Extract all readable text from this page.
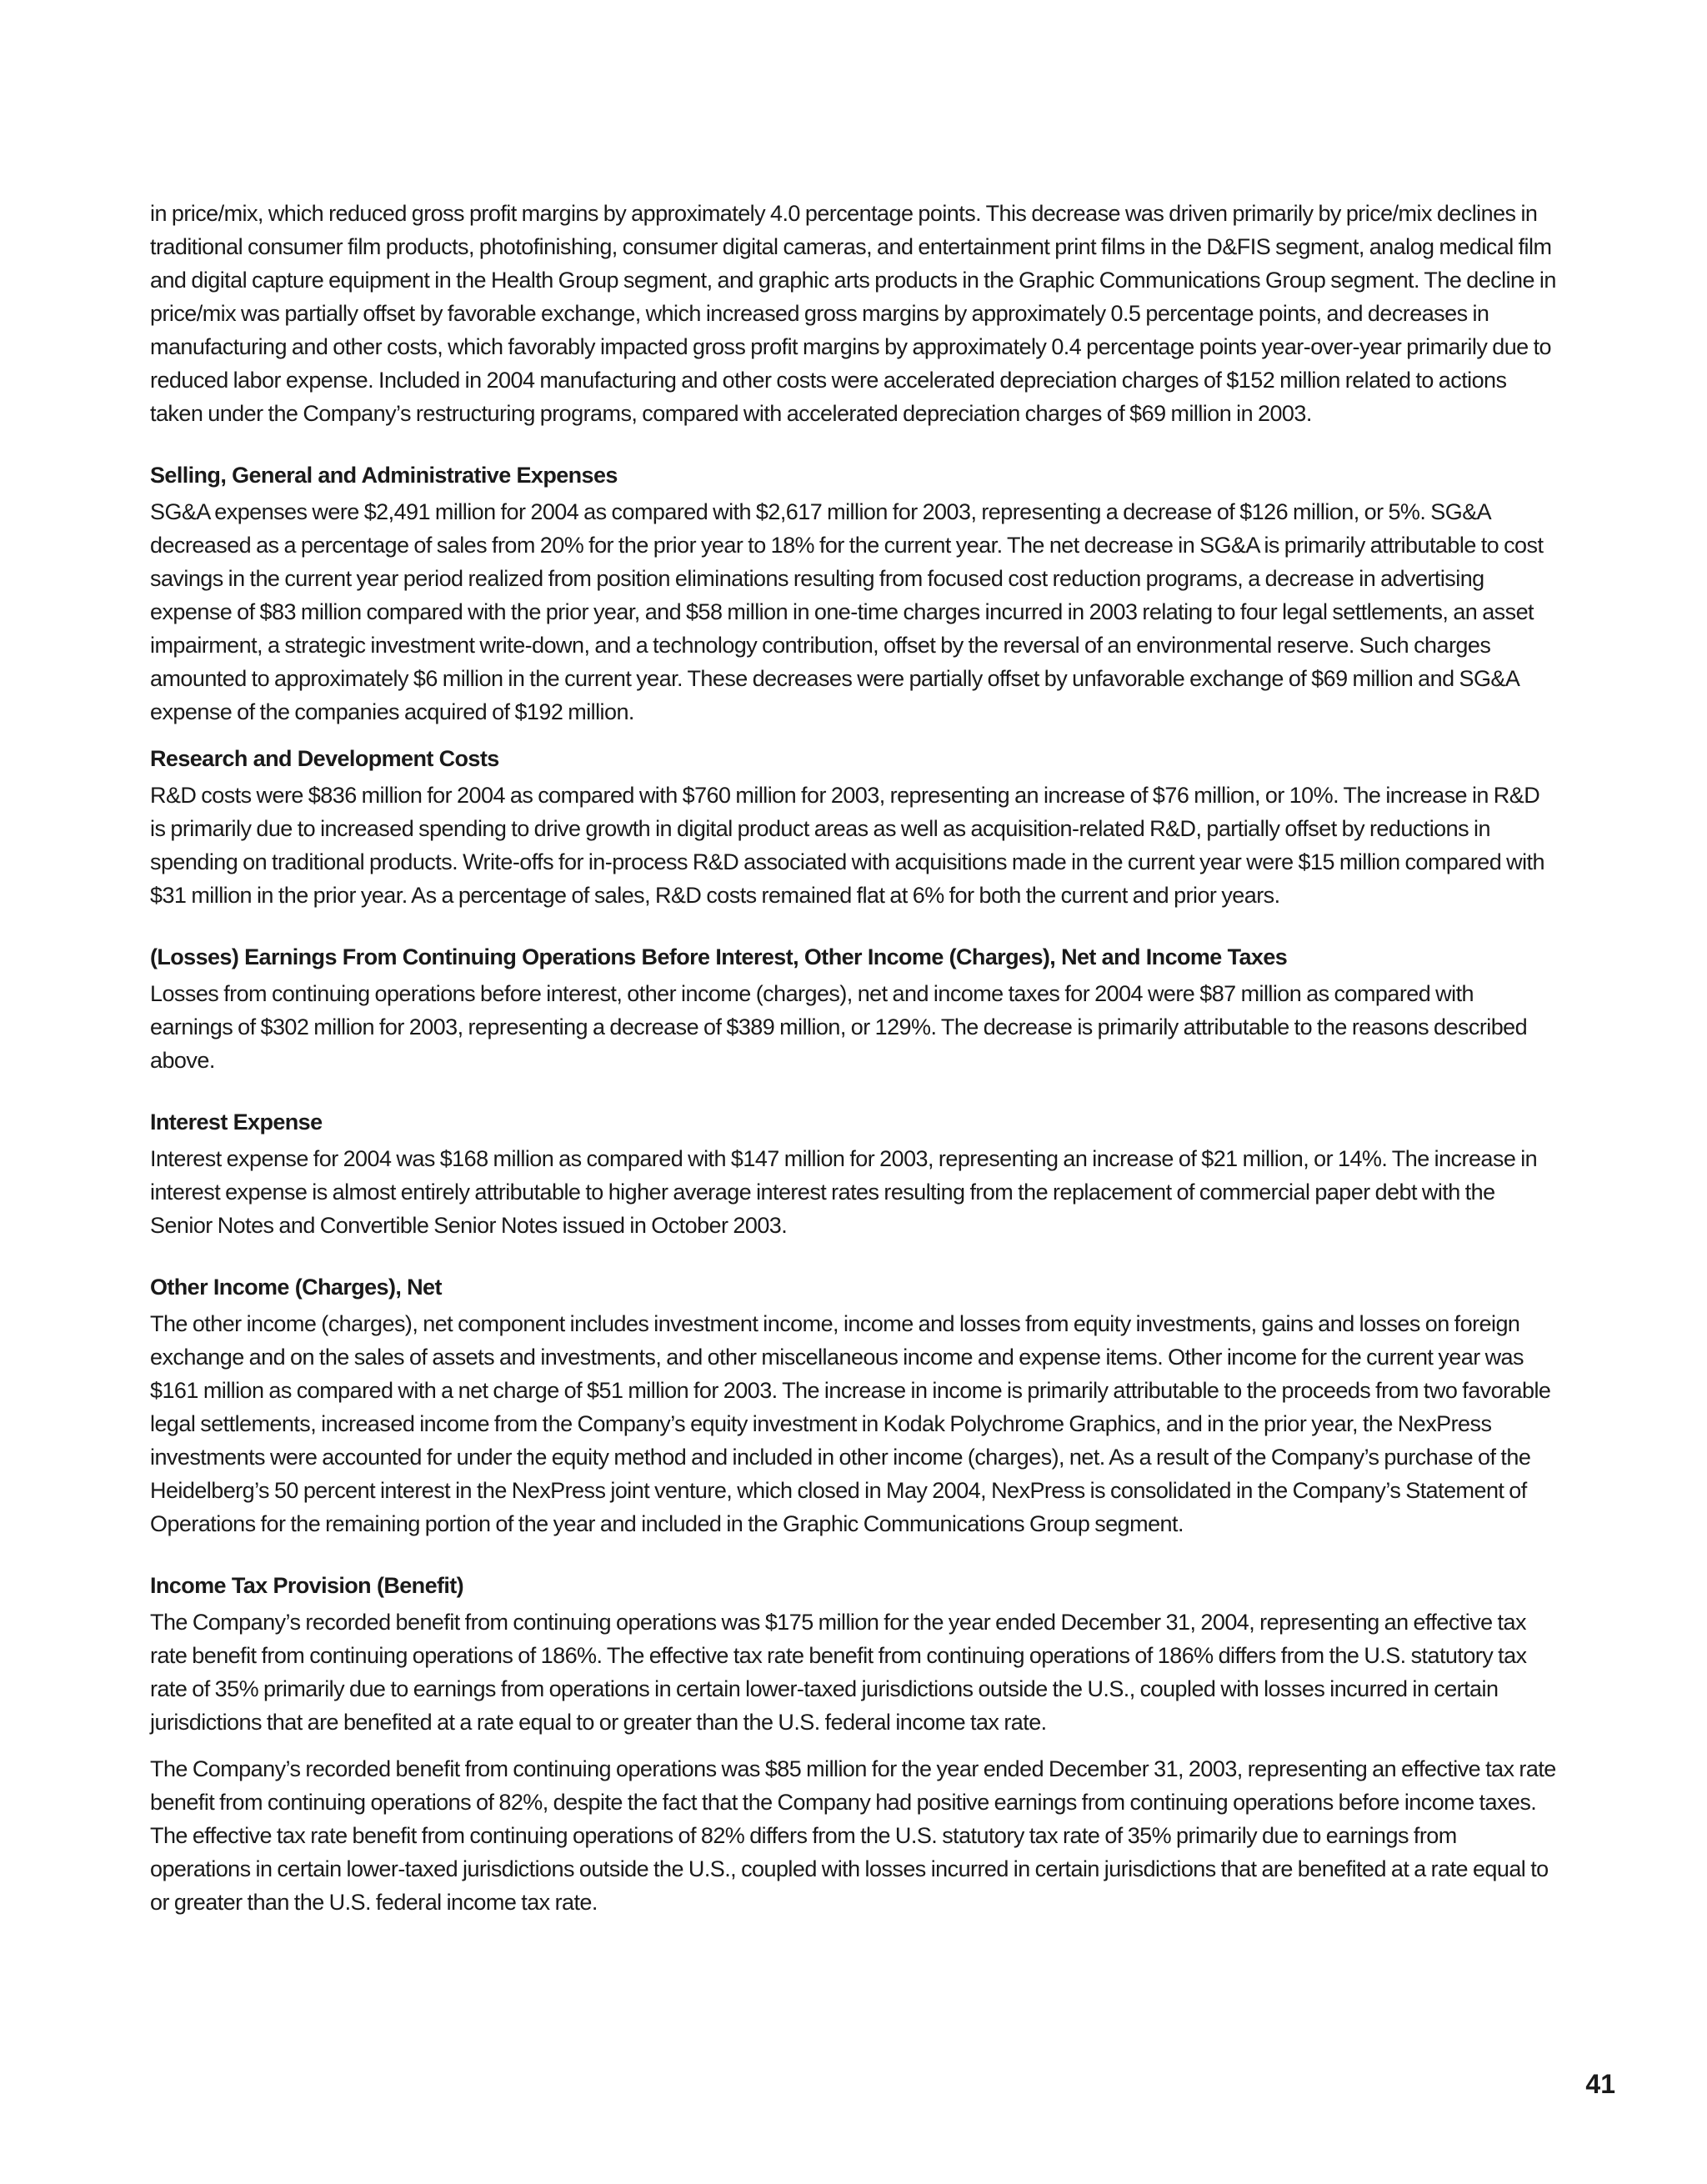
in price/mix, which reduced gross profit margins by approximately 4.0 percentage points. This decrease was driven primarily by price/mix declines in traditional consumer film products, photofinishing, consumer digital cameras, and entertainment print films in the D&FIS segment, analog medical film and digital capture equipment in the Health Group segment, and graphic arts products in the Graphic Communications Group segment. The decline in price/mix was partially offset by favorable exchange, which increased gross margins by approximately 0.5 percentage points, and decreases in manufacturing and other costs, which favorably impacted gross profit margins by approximately 0.4 percentage points year-over-year primarily due to reduced labor expense. Included in 2004 manufacturing and other costs were accelerated depreciation charges of $152 million related to actions taken under the Company’s restructuring programs, compared with accelerated depreciation charges of $69 million in 2003.

Selling, General and Administrative Expenses

SG&A expenses were $2,491 million for 2004 as compared with $2,617 million for 2003, representing a decrease of $126 million, or 5%. SG&A decreased as a percentage of sales from 20% for the prior year to 18% for the current year. The net decrease in SG&A is primarily attributable to cost savings in the current year period realized from position eliminations resulting from focused cost reduction programs, a decrease in advertising expense of $83 million compared with the prior year, and $58 million in one-time charges incurred in 2003 relating to four legal settlements, an asset impairment, a strategic investment write-down, and a technology contribution, offset by the reversal of an environmental reserve. Such charges amounted to approximately $6 million in the current year. These decreases were partially offset by unfavorable exchange of $69 million and SG&A expense of the companies acquired of $192 million.

Research and Development Costs

R&D costs were $836 million for 2004 as compared with $760 million for 2003, representing an increase of $76 million, or 10%. The increase in R&D is primarily due to increased spending to drive growth in digital product areas as well as acquisition-related R&D, partially offset by reductions in spending on traditional products. Write-offs for in-process R&D associated with acquisitions made in the current year were $15 million compared with $31 million in the prior year. As a percentage of sales, R&D costs remained flat at 6% for both the current and prior years.

(Losses) Earnings From Continuing Operations Before Interest, Other Income (Charges), Net and Income Taxes

Losses from continuing operations before interest, other income (charges), net and income taxes for 2004 were $87 million as compared with earnings of $302 million for 2003, representing a decrease of $389 million, or 129%. The decrease is primarily attributable to the reasons described above.

Interest Expense

Interest expense for 2004 was $168 million as compared with $147 million for 2003, representing an increase of $21 million, or 14%. The increase in interest expense is almost entirely attributable to higher average interest rates resulting from the replacement of commercial paper debt with the Senior Notes and Convertible Senior Notes issued in October 2003.

Other Income (Charges), Net

The other income (charges), net component includes investment income, income and losses from equity investments, gains and losses on foreign exchange and on the sales of assets and investments, and other miscellaneous income and expense items. Other income for the current year was $161 million as compared with a net charge of $51 million for 2003. The increase in income is primarily attributable to the proceeds from two favorable legal settlements, increased income from the Company’s equity investment in Kodak Polychrome Graphics, and in the prior year, the NexPress investments were accounted for under the equity method and included in other income (charges), net. As a result of the Company’s purchase of the Heidelberg’s 50 percent interest in the NexPress joint venture, which closed in May 2004, NexPress is consolidated in the Company’s Statement of Operations for the remaining portion of the year and included in the Graphic Communications Group segment.

Income Tax Provision (Benefit)

The Company’s recorded benefit from continuing operations was $175 million for the year ended December 31, 2004, representing an effective tax rate benefit from continuing operations of 186%. The effective tax rate benefit from continuing operations of 186% differs from the U.S. statutory tax rate of 35% primarily due to earnings from operations in certain lower-taxed jurisdictions outside the U.S., coupled with losses incurred in certain jurisdictions that are benefited at a rate equal to or greater than the U.S. federal income tax rate.

The Company’s recorded benefit from continuing operations was $85 million for the year ended December 31, 2003, representing an effective tax rate benefit from continuing operations of 82%, despite the fact that the Company had positive earnings from continuing operations before income taxes. The effective tax rate benefit from continuing operations of 82% differs from the U.S. statutory tax rate of 35% primarily due to earnings from operations in certain lower-taxed jurisdictions outside the U.S., coupled with losses incurred in certain jurisdictions that are benefited at a rate equal to or greater than the U.S. federal income tax rate.

41
